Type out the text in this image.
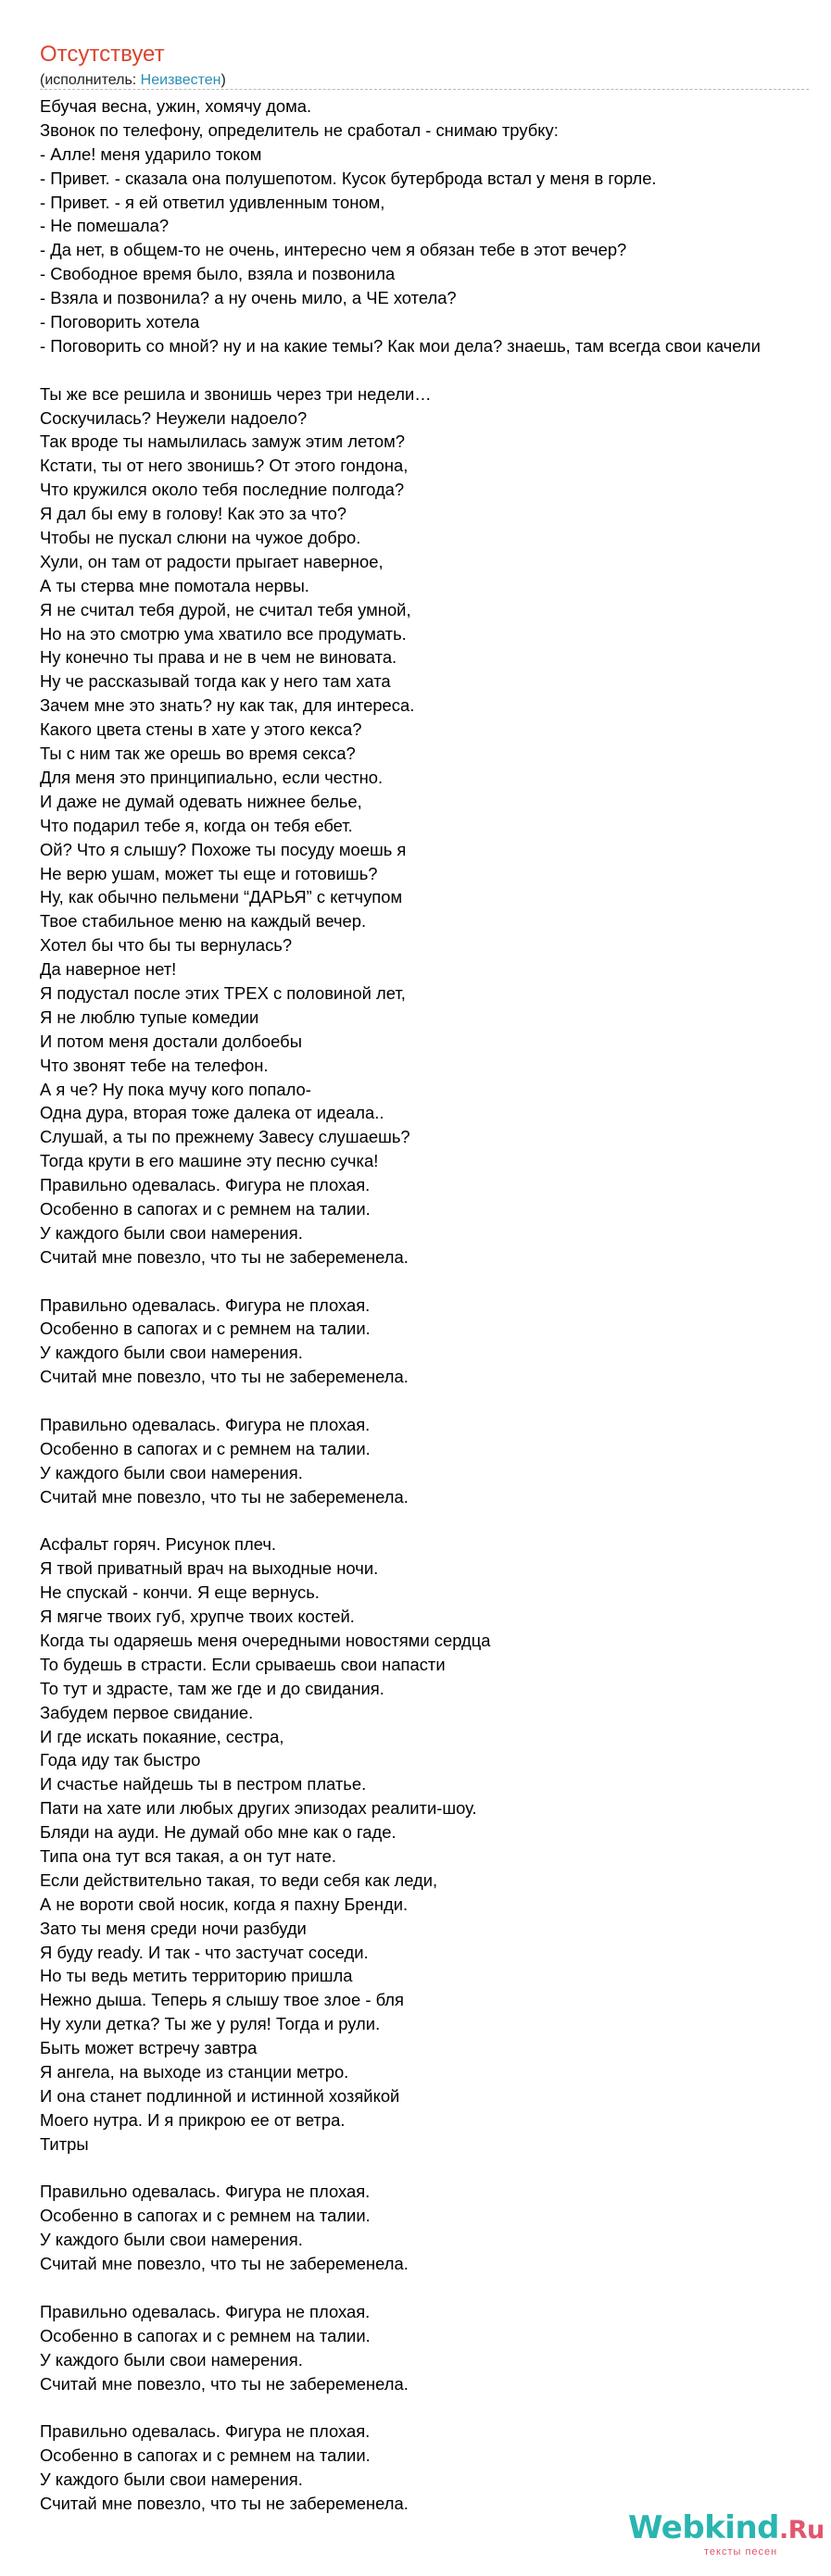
Отсутствует
(исполнитель: Неизвестен)
Ебучая весна, ужин, хомячу дома.
Звонок по телефону, определитель не сработал - снимаю трубку:
- Алле! меня ударило током
- Привет. - сказала она полушепотом. Кусок бутерброда встал у меня в горле.
- Привет. - я ей ответил удивленным тоном,
- Не помешала?
- Да нет, в общем-то не очень, интересно чем я обязан тебе в этот вечер?
- Свободное время было, взяла и позвонила
- Взяла и позвонила? а ну очень мило, а ЧЕ хотела?
- Поговорить хотела
- Поговорить со мной? ну и на какие темы? Как мои дела? знаешь, там всегда свои качели
Ты же все решила и звонишь через три недели…
Соскучилась? Неужели надоело?
Так вроде ты намылилась замуж этим летом?
Кстати, ты от него звонишь? От этого гондона,
Что кружился около тебя последние полгода?
Я дал бы ему в голову! Как это за что?
Чтобы не пускал слюни на чужое добро.
Хули, он там от радости прыгает наверное,
А ты стерва мне помотала нервы.
Я не считал тебя дурой, не считал тебя умной,
Но на это смотрю ума хватило все продумать.
Ну конечно ты права и не в чем не виновата.
Ну че рассказывай тогда как у него там хата
Зачем мне это знать? ну как так, для интереса.
Какого цвета стены в хате у этого кекса?
Ты с ним так же орешь во время секса?
Для меня это принципиально, если честно.
И даже не думай одевать нижнее белье,
Что подарил тебе я, когда он тебя ебет.
Ой? Что я слышу? Похоже ты посуду моешь я
Не верю ушам, может ты еще и готовишь?
Ну, как обычно пельмени “ДАРЬЯ” с кетчупом
Твое стабильное меню на каждый вечер.
Хотел бы что бы ты вернулась?
Да наверное нет!
Я подустал после этих ТРЕХ с половиной лет,
Я не люблю тупые комедии
И потом меня достали долбоебы
Что звонят тебе на телефон.
А я че? Ну пока мучу кого попало-
Одна дура, вторая тоже далека от идеала..
Слушай, а ты по прежнему Завесу слушаешь?
Тогда крути в его машине эту песню сучка!
Правильно одевалась. Фигура не плохая.
Особенно в сапогах и с ремнем на талии.
У каждого были свои намерения.
Считай мне повезло, что ты не забеременела.
Правильно одевалась. Фигура не плохая.
Особенно в сапогах и с ремнем на талии.
У каждого были свои намерения.
Считай мне повезло, что ты не забеременела.
Правильно одевалась. Фигура не плохая.
Особенно в сапогах и с ремнем на талии.
У каждого были свои намерения.
Считай мне повезло, что ты не забеременела.
Асфальт горяч. Рисунок плеч.
Я твой приватный врач на выходные ночи.
Не спускай - кончи. Я еще вернусь.
Я мягче твоих губ, хрупче твоих костей.
Когда ты одаряешь меня очередными новостями сердца
То будешь в страсти. Если срываешь свои напасти
То тут и здрасте, там же где и до свидания.
Забудем первое свидание.
И где искать покаяние, сестра,
Года иду так быстро
И счастье найдешь ты в пестром платье.
Пати на хате или любых других эпизодах реалити-шоу.
Бляди на ауди. Не думай обо мне как о гаде.
Типа она тут вся такая, а он тут нате.
Если действительно такая, то веди себя как леди,
А не вороти свой носик, когда я пахну Бренди.
Зато ты меня среди ночи разбуди
Я буду ready. И так - что застучат соседи.
Но ты ведь метить территорию пришла
Нежно дыша. Теперь я слышу твое злое - бля
Ну хули детка? Ты же у руля! Тогда и рули.
Быть может встречу завтра
Я ангела, на выходе из станции метро.
И она станет подлинной и истинной хозяйкой
Моего нутра. И я прикрою ее от ветра.
Титры
Правильно одевалась. Фигура не плохая.
Особенно в сапогах и с ремнем на талии.
У каждого были свои намерения.
Считай мне повезло, что ты не забеременела.
Правильно одевалась. Фигура не плохая.
Особенно в сапогах и с ремнем на талии.
У каждого были свои намерения.
Считай мне повезло, что ты не забеременела.
Правильно одевалась. Фигура не плохая.
Особенно в сапогах и с ремнем на талии.
У каждого были свои намерения.
Считай мне повезло, что ты не забеременела.
Webkind.Ru
тексты песен
